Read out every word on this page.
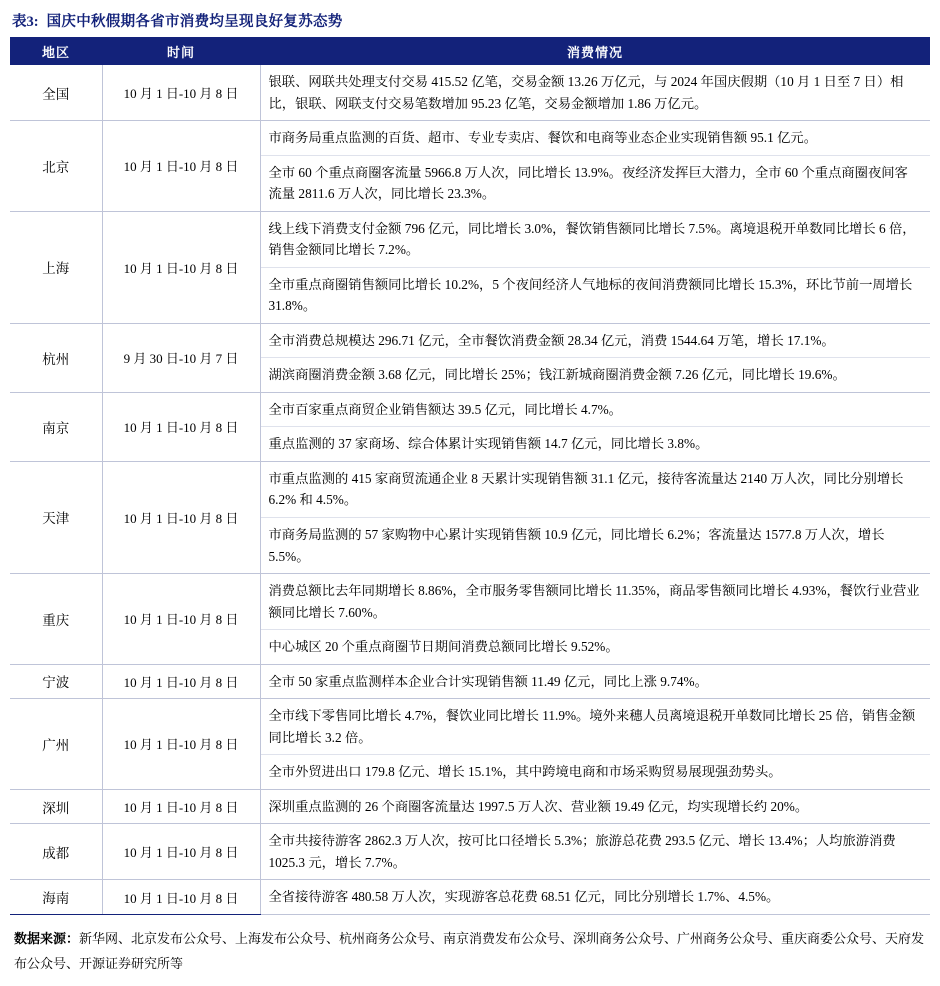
表3: 国庆中秋假期各省市消费均呈现良好复苏态势
地区	时间	消费情况
全国	10 月 1 日-10 月 8 日	银联、网联共处理支付交易 415.52 亿笔，交易金额 13.26 万亿元，与 2024 年国庆假期（10 月 1 日至 7 日）相比，银联、网联支付交易笔数增加 95.23 亿笔，交易金额增加 1.86 万亿元。
北京	10 月 1 日-10 月 8 日	市商务局重点监测的百货、超市、专业专卖店、餐饮和电商等业态企业实现销售额 95.1 亿元。
		全市 60 个重点商圈客流量 5966.8 万人次，同比增长 13.9%。夜经济发挥巨大潜力，全市 60 个重点商圈夜间客流量 2811.6 万人次，同比增长 23.3%。
上海	10 月 1 日-10 月 8 日	线上线下消费支付金额 796 亿元，同比增长 3.0%，餐饮销售额同比增长 7.5%。离境退税开单数同比增长 6 倍，销售金额同比增长 7.2%。
		全市重点商圈销售额同比增长 10.2%，5 个夜间经济人气地标的夜间消费额同比增长 15.3%，环比节前一周增长 31.8%。
杭州	9 月 30 日-10 月 7 日	全市消费总规模达 296.71 亿元，全市餐饮消费金额 28.34 亿元，消费 1544.64 万笔，增长 17.1%。
		湖滨商圈消费金额 3.68 亿元，同比增长 25%；钱江新城商圈消费金额 7.26 亿元，同比增长 19.6%。
南京	10 月 1 日-10 月 8 日	全市百家重点商贸企业销售额达 39.5 亿元，同比增长 4.7%。
		重点监测的 37 家商场、综合体累计实现销售额 14.7 亿元，同比增长 3.8%。
天津	10 月 1 日-10 月 8 日	市重点监测的 415 家商贸流通企业 8 天累计实现销售额 31.1 亿元，接待客流量达 2140 万人次，同比分别增长 6.2% 和 4.5%。
		市商务局监测的 57 家购物中心累计实现销售额 10.9 亿元，同比增长 6.2%；客流量达 1577.8 万人次，增长 5.5%。
重庆	10 月 1 日-10 月 8 日	消费总额比去年同期增长 8.86%，全市服务零售额同比增长 11.35%，商品零售额同比增长 4.93%，餐饮行业营业额同比增长 7.60%。
		中心城区 20 个重点商圈节日期间消费总额同比增长 9.52%。
宁波	10 月 1 日-10 月 8 日	全市 50 家重点监测样本企业合计实现销售额 11.49 亿元，同比上涨 9.74%。
广州	10 月 1 日-10 月 8 日	全市线下零售同比增长 4.7%，餐饮业同比增长 11.9%。境外来穗人员离境退税开单数同比增长 25 倍，销售金额同比增长 3.2 倍。
		全市外贸进出口 179.8 亿元、增长 15.1%，其中跨境电商和市场采购贸易展现强劲势头。
深圳	10 月 1 日-10 月 8 日	深圳重点监测的 26 个商圈客流量达 1997.5 万人次、营业额 19.49 亿元，均实现增长约 20%。
成都	10 月 1 日-10 月 8 日	全市共接待游客 2862.3 万人次，按可比口径增长 5.3%；旅游总花费 293.5 亿元、增长 13.4%；人均旅游消费 1025.3 元，增长 7.7%。
海南	10 月 1 日-10 月 8 日	全省接待游客 480.58 万人次，实现游客总花费 68.51 亿元，同比分别增长 1.7%、4.5%。
数据来源：新华网、北京发布公众号、上海发布公众号、杭州商务公众号、南京消费发布公众号、深圳商务公众号、广州商务公众号、重庆商委公众号、天府发布公众号、开源证券研究所等
